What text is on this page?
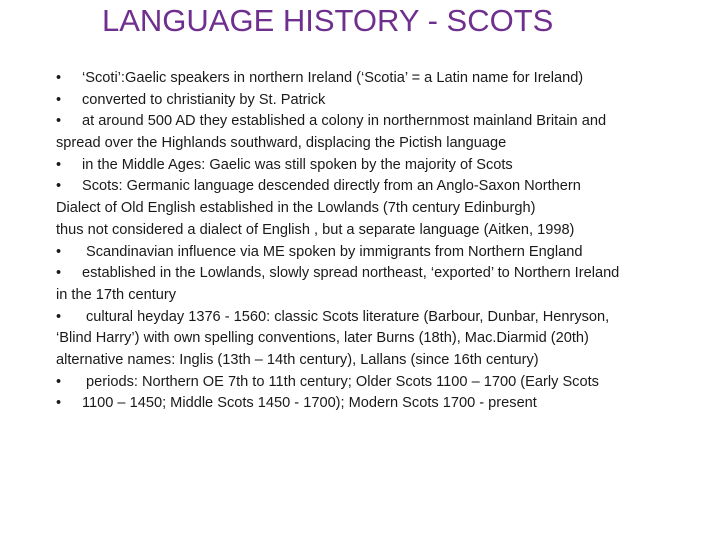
LANGUAGE HISTORY - SCOTS
• ‘Scoti’:Gaelic speakers in northern Ireland (‘Scotia’ = a Latin name for Ireland)
• converted to christianity by St. Patrick
• at around 500 AD they established a colony in northernmost mainland Britain and
spread over the Highlands southward, displacing the Pictish language
• in the Middle Ages: Gaelic was still spoken by the majority of Scots
• Scots: Germanic language descended directly from an Anglo-Saxon Northern
Dialect of Old English established in the Lowlands (7th century Edinburgh)
thus not considered a dialect of English , but a separate language (Aitken, 1998)
• Scandinavian influence via ME spoken by immigrants from Northern England
• established in the Lowlands, slowly spread northeast, ‘exported’ to Northern Ireland
in the 17th century
• cultural heyday 1376 - 1560: classic Scots literature (Barbour, Dunbar, Henryson,
‘Blind Harry’) with own spelling conventions, later Burns (18th), Mac.Diarmid (20th)
alternative names: Inglis (13th – 14th century), Lallans (since 16th century)
• periods: Northern OE 7th to 11th century; Older Scots 1100 – 1700 (Early Scots
• 1100 – 1450; Middle Scots 1450 - 1700); Modern Scots 1700 - present
